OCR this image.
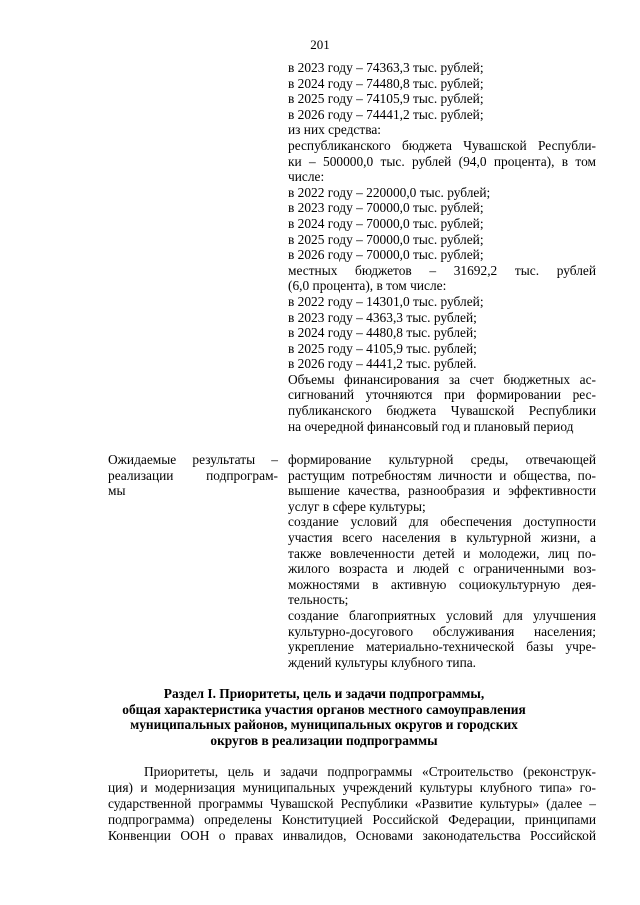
201
в 2023 году – 74363,3 тыс. рублей;
в 2024 году – 74480,8 тыс. рублей;
в 2025 году – 74105,9 тыс. рублей;
в 2026 году – 74441,2 тыс. рублей;
из них средства:
республиканского бюджета Чувашской Республи-
ки – 500000,0 тыс. рублей (94,0 процента), в том
числе:
в 2022 году – 220000,0 тыс. рублей;
в 2023 году – 70000,0 тыс. рублей;
в 2024 году – 70000,0 тыс. рублей;
в 2025 году – 70000,0 тыс. рублей;
в 2026 году – 70000,0 тыс. рублей;
местных бюджетов – 31692,2 тыс. рублей
(6,0 процента), в том числе:
в 2022 году – 14301,0 тыс. рублей;
в 2023 году – 4363,3 тыс. рублей;
в 2024 году – 4480,8 тыс. рублей;
в 2025 году – 4105,9 тыс. рублей;
в 2026 году – 4441,2 тыс. рублей.
Объемы финансирования за счет бюджетных ас-
сигнований уточняются при формировании рес-
публиканского бюджета Чувашской Республики
на очередной финансовый год и плановый период
Ожидаемые результаты –
реализации подпрограм-
мы
формирование культурной среды, отвечающей
растущим потребностям личности и общества, по-
вышение качества, разнообразия и эффективности
услуг в сфере культуры;
создание условий для обеспечения доступности
участия всего населения в культурной жизни, а
также вовлеченности детей и молодежи, лиц по-
жилого возраста и людей с ограниченными воз-
можностями в активную социокультурную дея-
тельность;
создание благоприятных условий для улучшения
культурно-досугового обслуживания населения;
укрепление материально-технической базы учре-
ждений культуры клубного типа.
Раздел I. Приоритеты, цель и задачи подпрограммы,
общая характеристика участия органов местного самоуправления
муниципальных районов, муниципальных округов и городских
округов в реализации подпрограммы
Приоритеты, цель и задачи подпрограммы «Строительство (реконструк-
ция) и модернизация муниципальных учреждений культуры клубного типа» го-
сударственной программы Чувашской Республики «Развитие культуры» (далее –
подпрограмма) определены Конституцией Российской Федерации, принципами
Конвенции ООН о правах инвалидов, Основами законодательства Российской
